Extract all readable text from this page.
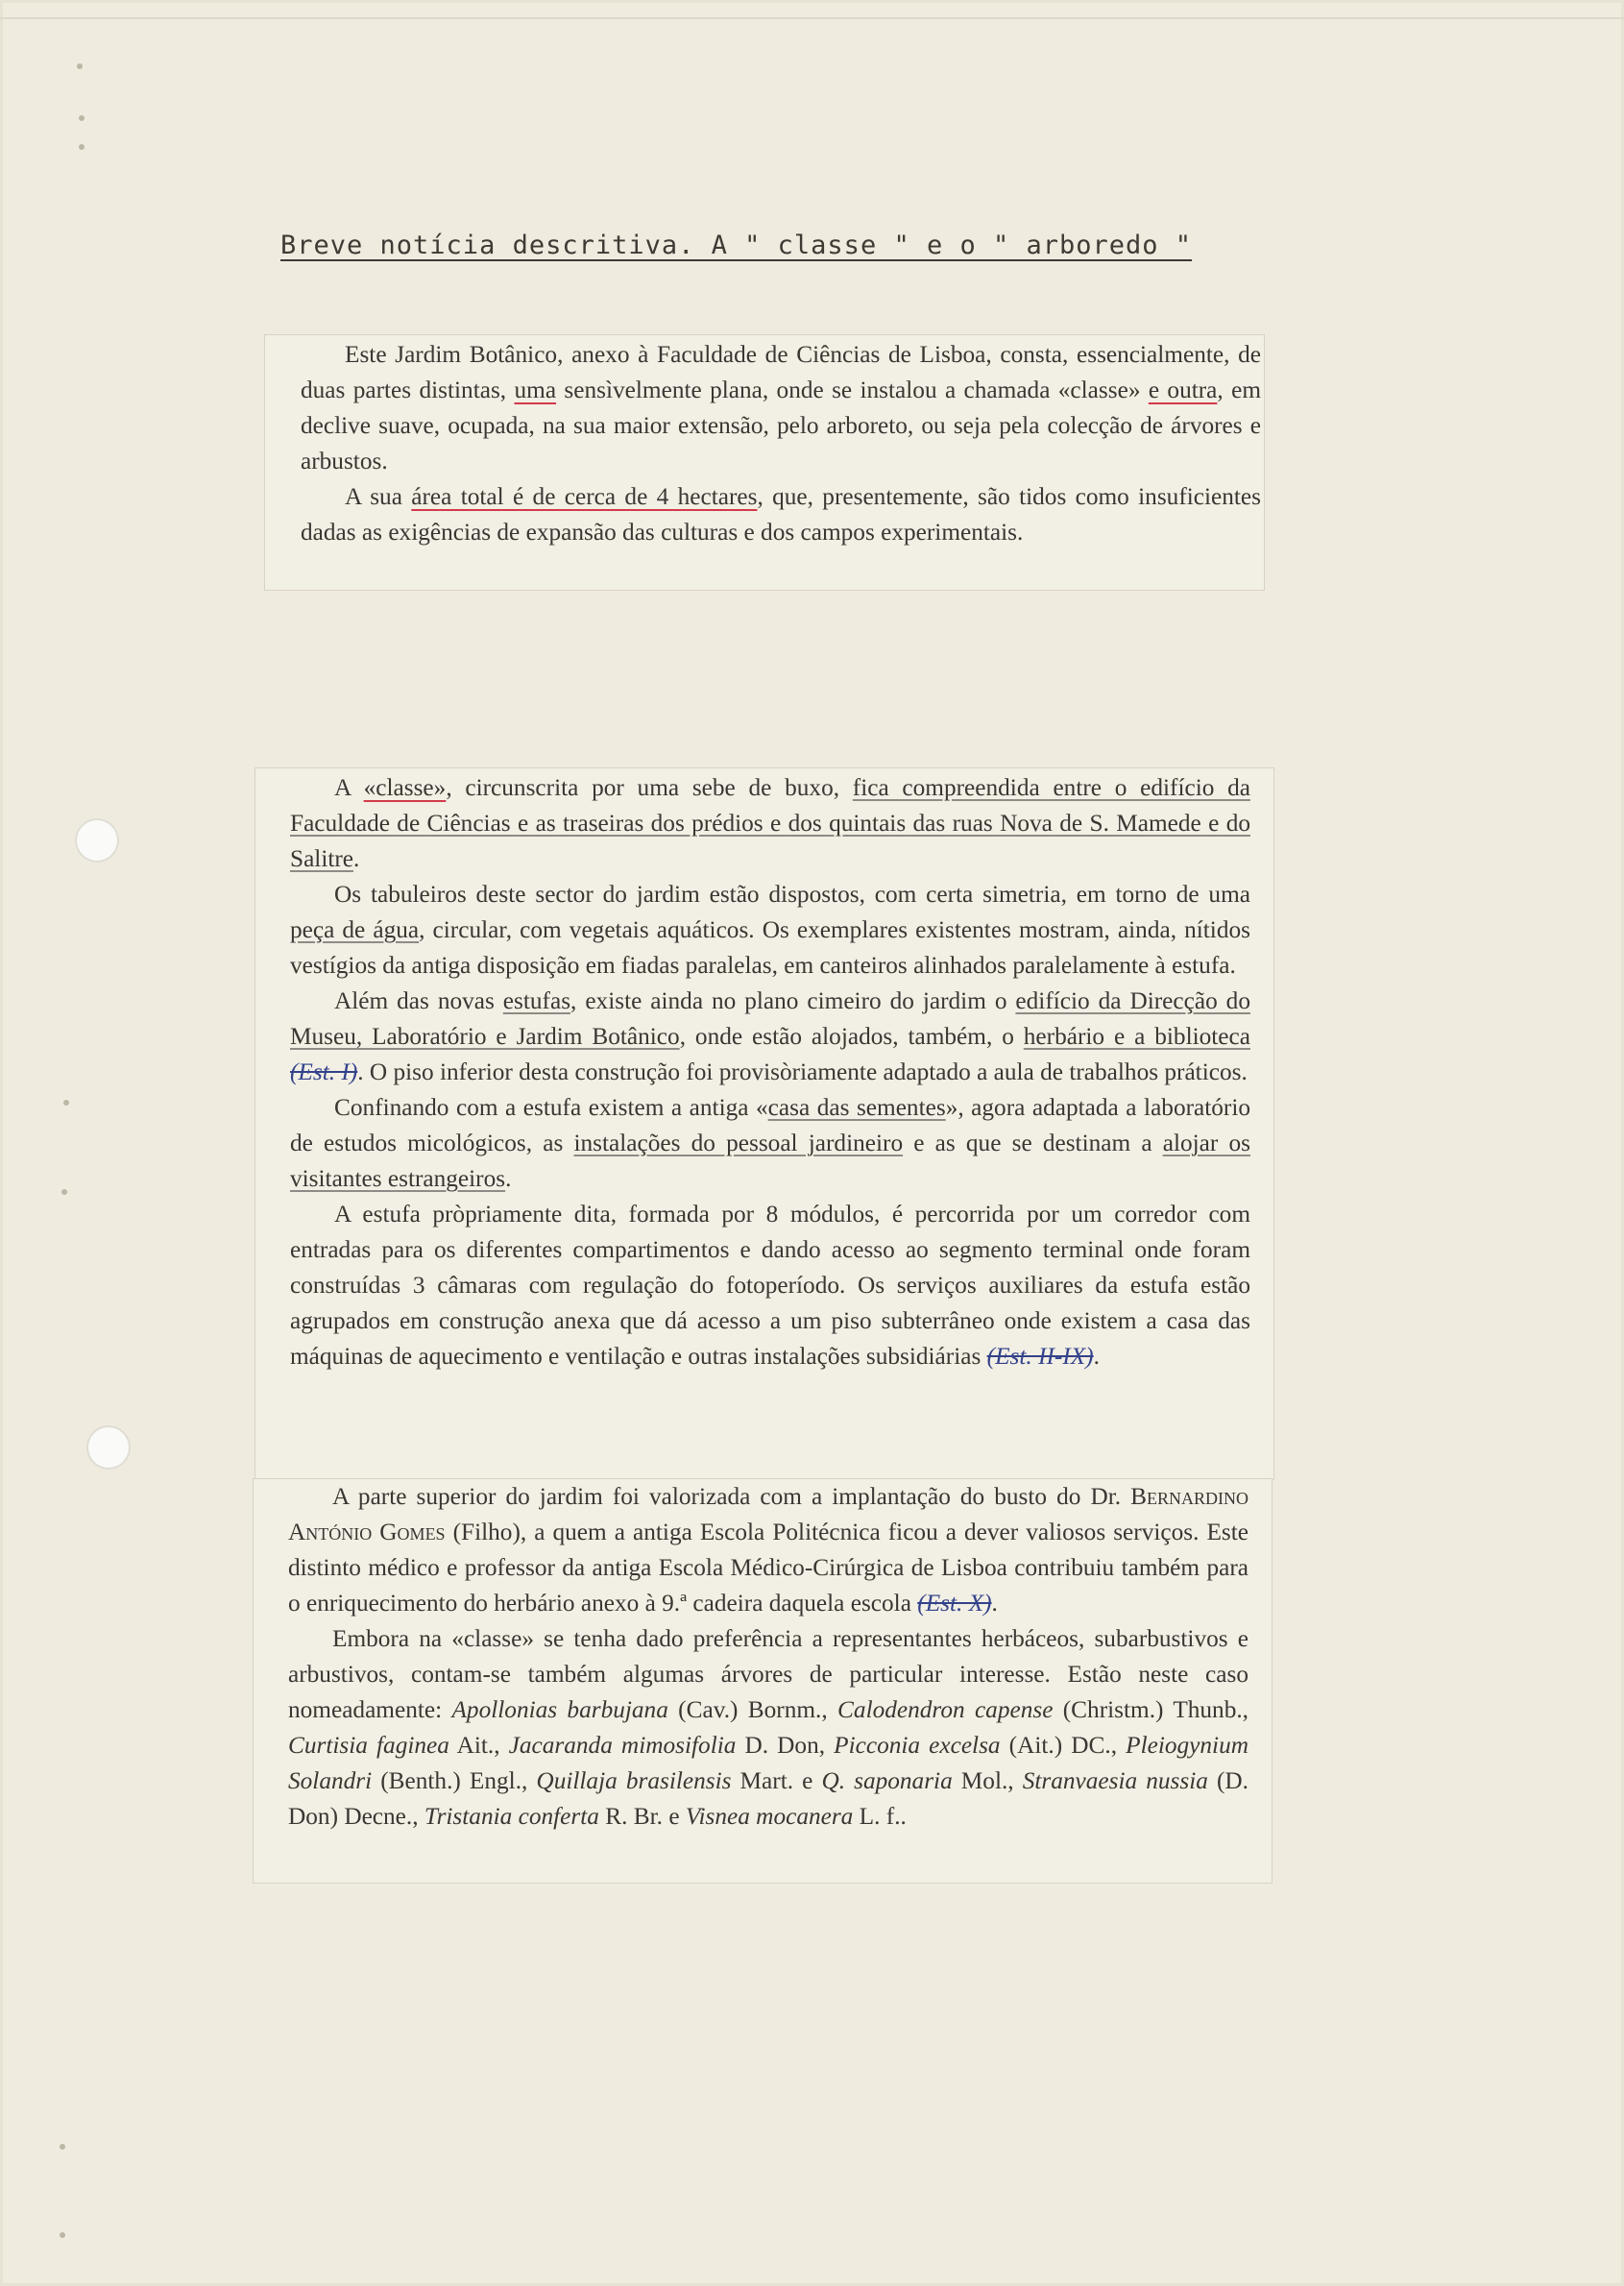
Breve notícia descritiva. A " classe " e o " arboredo "

Este Jardim Botânico, anexo à Faculdade de Ciências de Lisboa, consta, essencialmente, de duas partes distintas, uma sensìvelmente plana, onde se instalou a chamada «classe» e outra, em declive suave, ocupada, na sua maior extensão, pelo arboreto, ou seja pela colecção de árvores e arbustos.

A sua área total é de cerca de 4 hectares, que, presentemente, são tidos como insuficientes dadas as exigências de expansão das culturas e dos campos experimentais.

A «classe», circunscrita por uma sebe de buxo, fica compreendida entre o edifício da Faculdade de Ciências e as traseiras dos prédios e dos quintais das ruas Nova de S. Mamede e do Salitre.

Os tabuleiros deste sector do jardim estão dispostos, com certa simetria, em torno de uma peça de água, circular, com vegetais aquáticos. Os exemplares existentes mostram, ainda, nítidos vestígios da antiga disposição em fiadas paralelas, em canteiros alinhados paralelamente à estufa.

Além das novas estufas, existe ainda no plano cimeiro do jardim o edifício da Direcção do Museu, Laboratório e Jardim Botânico, onde estão alojados, também, o herbário e a biblioteca (Est. I). O piso inferior desta construção foi provisòriamente adaptado a aula de trabalhos práticos.

Confinando com a estufa existem a antiga «casa das sementes», agora adaptada a laboratório de estudos micológicos, as instalações do pessoal jardineiro e as que se destinam a alojar os visitantes estrangeiros.

A estufa pròpriamente dita, formada por 8 módulos, é percorrida por um corredor com entradas para os diferentes compartimentos e dando acesso ao segmento terminal onde foram construídas 3 câmaras com regulação do fotoperíodo. Os serviços auxiliares da estufa estão agrupados em construção anexa que dá acesso a um piso subterrâneo onde existem a casa das máquinas de aquecimento e ventilação e outras instalações subsidiárias (Est. II-IX).

A parte superior do jardim foi valorizada com a implantação do busto do Dr. Bernardino António Gomes (Filho), a quem a antiga Escola Politécnica ficou a dever valiosos serviços. Este distinto médico e professor da antiga Escola Médico-Cirúrgica de Lisboa contribuiu também para o enriquecimento do herbário anexo à 9.ª cadeira daquela escola (Est. X).

Embora na «classe» se tenha dado preferência a representantes herbáceos, subarbustivos e arbustivos, contam-se também algumas árvores de particular interesse. Estão neste caso nomeadamente: Apollonias barbujana (Cav.) Bornm., Calodendron capense (Christm.) Thunb., Curtisia faginea Ait., Jacaranda mimosifolia D. Don, Picconia excelsa (Ait.) DC., Pleiogynium Solandri (Benth.) Engl., Quillaja brasilensis Mart. e Q. saponaria Mol., Stranvaesia nussia (D. Don) Decne., Tristania conferta R. Br. e Visnea mocanera L. f..
